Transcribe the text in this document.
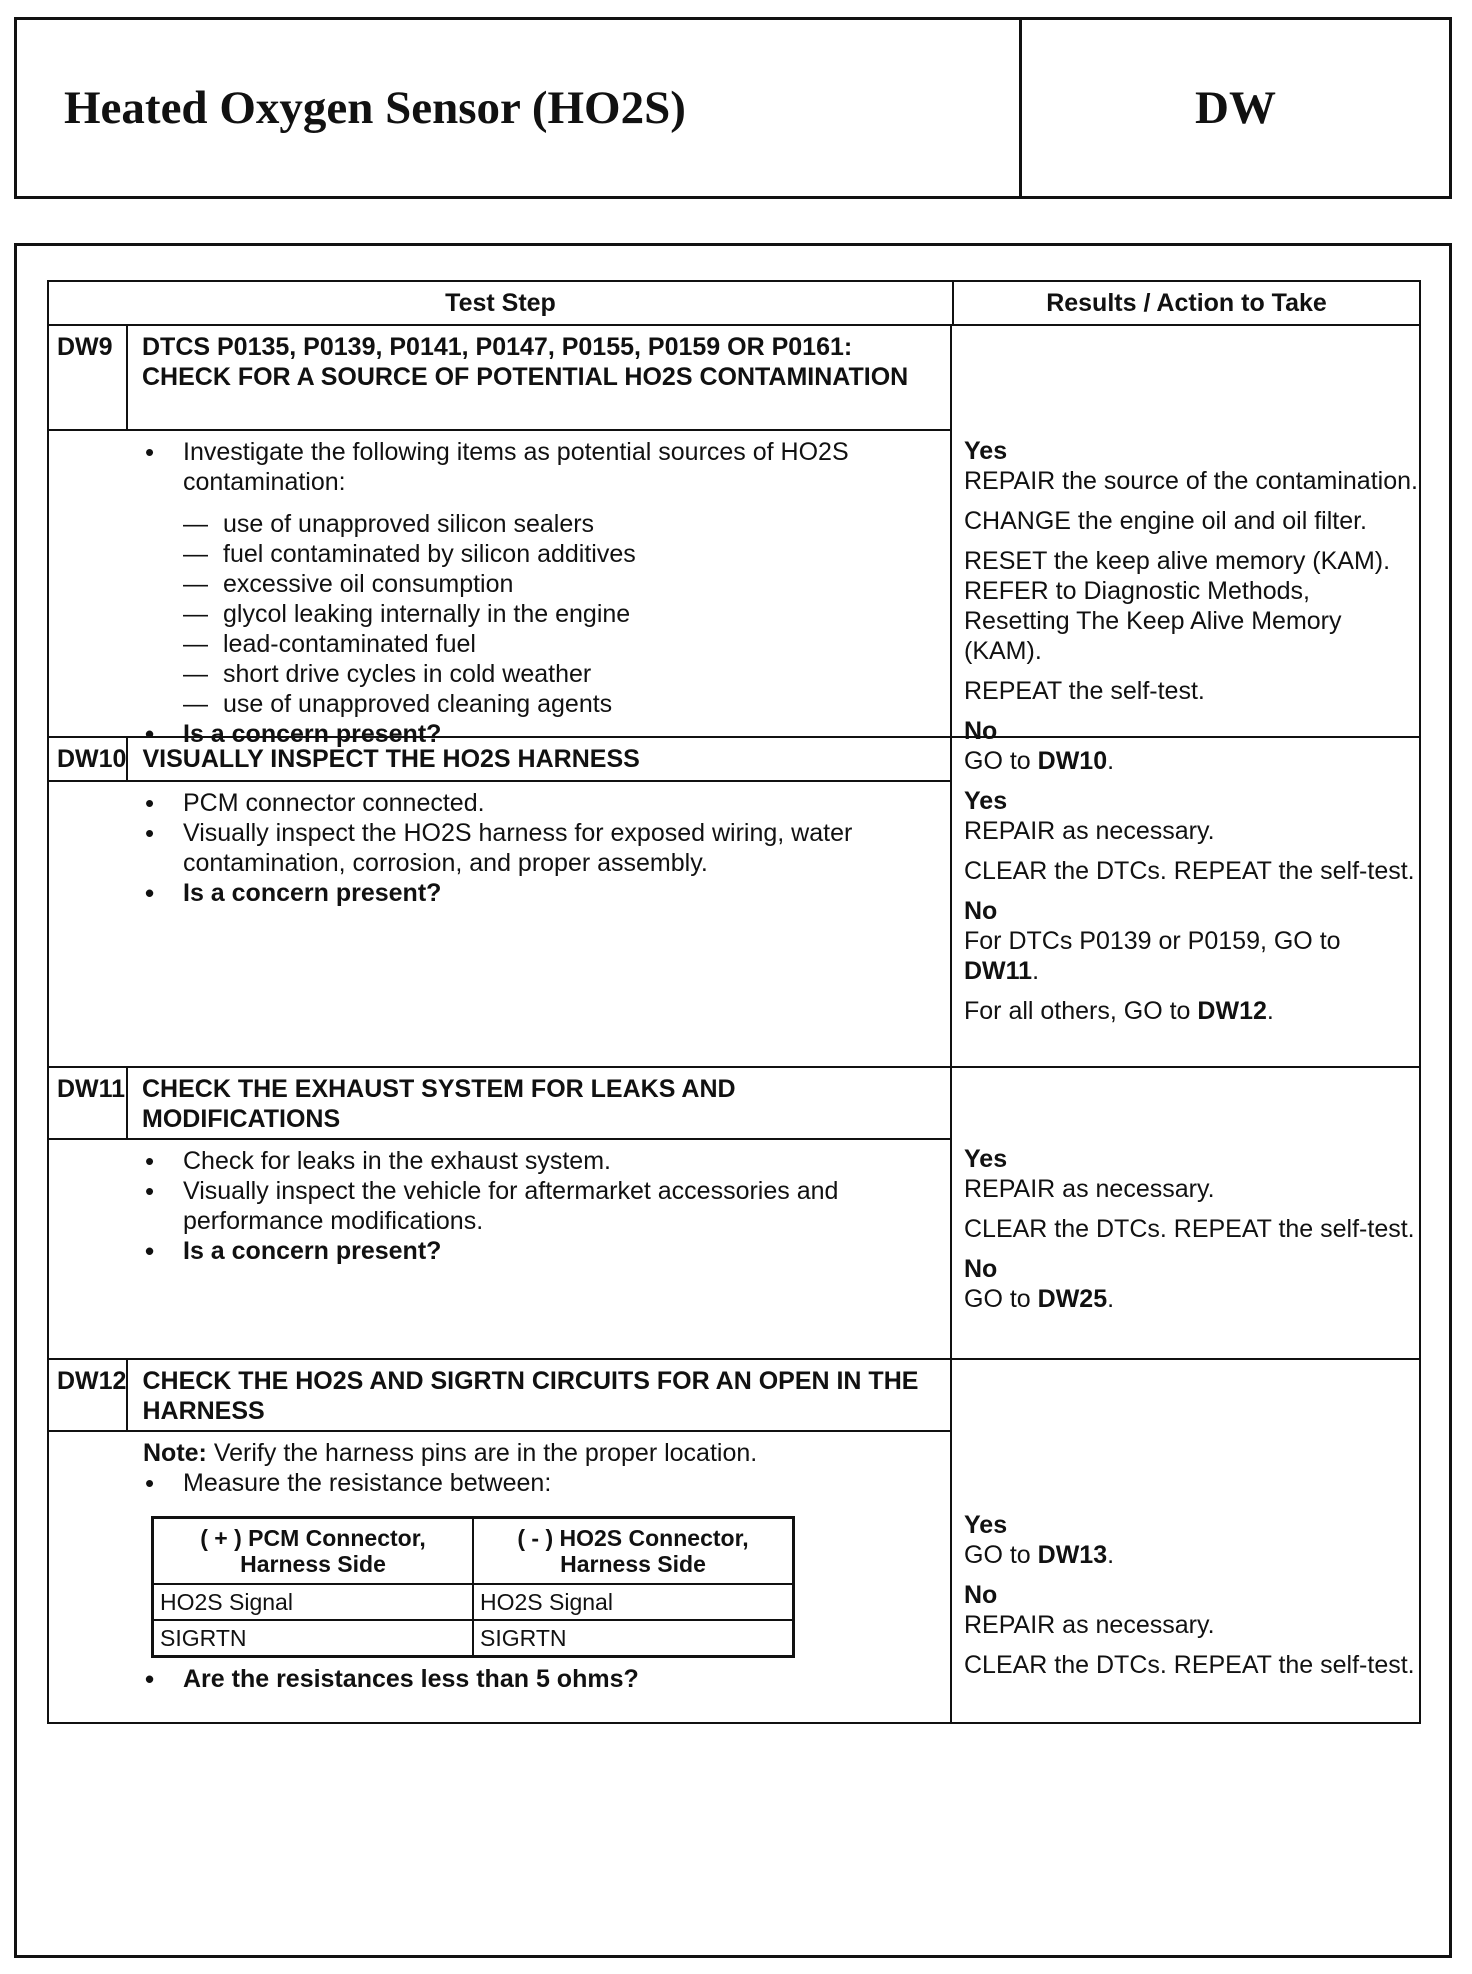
Heated Oxygen Sensor (HO2S)	DW
Test Step	Results / Action to Take
DW9	DTCS P0135, P0139, P0141, P0147, P0155, P0159 OR P0161: CHECK FOR A SOURCE OF POTENTIAL HO2S CONTAMINATION
• Investigate the following items as potential sources of HO2S contamination:
— use of unapproved silicon sealers
— fuel contaminated by silicon additives
— excessive oil consumption
— glycol leaking internally in the engine
— lead-contaminated fuel
— short drive cycles in cold weather
— use of unapproved cleaning agents
• Is a concern present?
Yes
REPAIR the source of the contamination.
CHANGE the engine oil and oil filter.
RESET the keep alive memory (KAM). REFER to Diagnostic Methods, Resetting The Keep Alive Memory (KAM).
REPEAT the self-test.
No
GO to DW10.
DW10 VISUALLY INSPECT THE HO2S HARNESS
• PCM connector connected.
• Visually inspect the HO2S harness for exposed wiring, water contamination, corrosion, and proper assembly.
• Is a concern present?
Yes
REPAIR as necessary.
CLEAR the DTCs. REPEAT the self-test.
No
For DTCs P0139 or P0159, GO to DW11.
For all others, GO to DW12.
DW11 CHECK THE EXHAUST SYSTEM FOR LEAKS AND MODIFICATIONS
• Check for leaks in the exhaust system.
• Visually inspect the vehicle for aftermarket accessories and performance modifications.
• Is a concern present?
Yes
REPAIR as necessary.
CLEAR the DTCs. REPEAT the self-test.
No
GO to DW25.
DW12 CHECK THE HO2S AND SIGRTN CIRCUITS FOR AN OPEN IN THE HARNESS
Note: Verify the harness pins are in the proper location.
• Measure the resistance between:
( + ) PCM Connector, Harness Side	( - ) HO2S Connector, Harness Side
HO2S Signal	HO2S Signal
SIGRTN	SIGRTN
• Are the resistances less than 5 ohms?
Yes
GO to DW13.
No
REPAIR as necessary.
CLEAR the DTCs. REPEAT the self-test.
